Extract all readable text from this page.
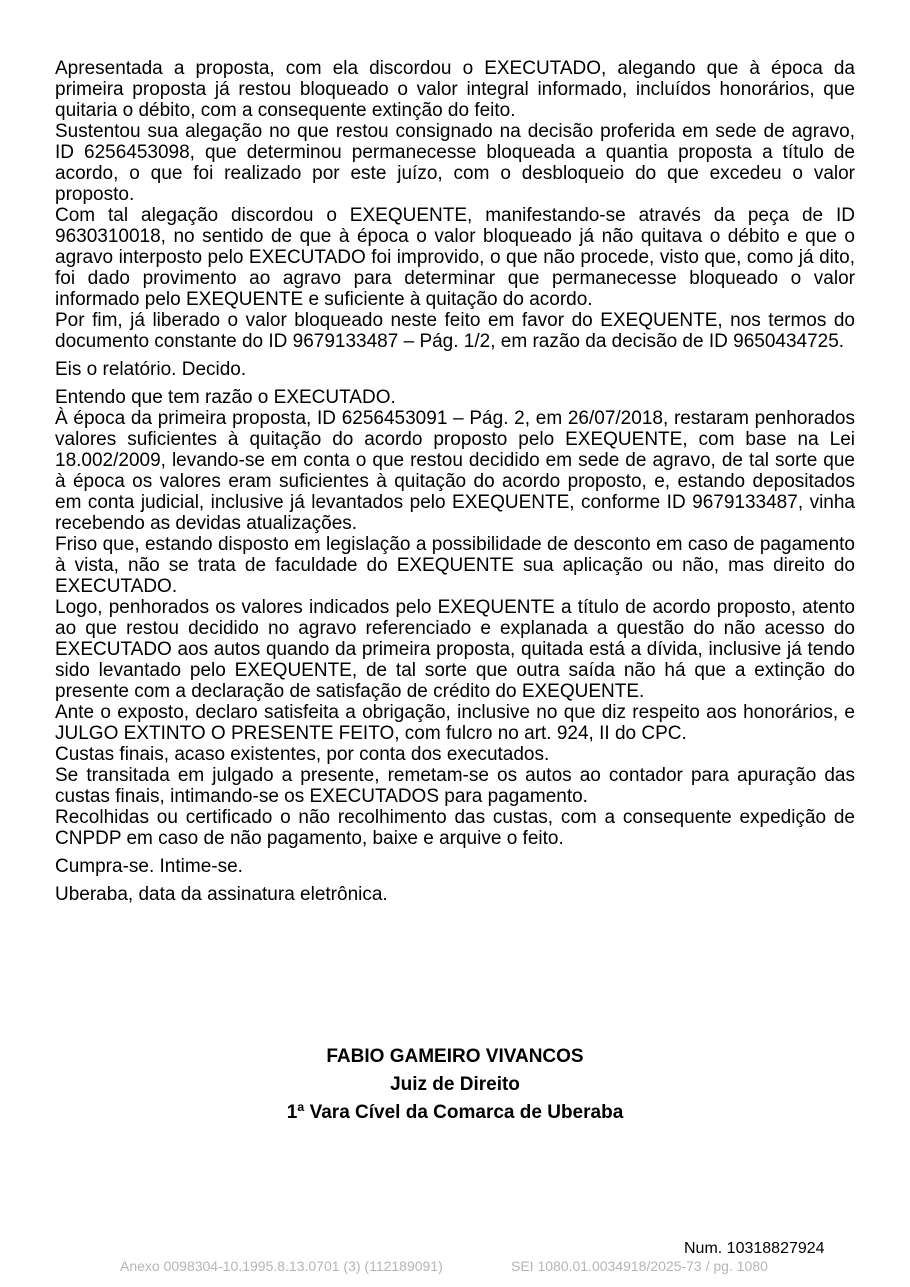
Apresentada a proposta, com ela discordou o EXECUTADO, alegando que à época da primeira proposta já restou bloqueado o valor integral informado, incluídos honorários, que quitaria o débito, com a consequente extinção do feito.

Sustentou sua alegação no que restou consignado na decisão proferida em sede de agravo, ID 6256453098, que determinou permanecesse bloqueada a quantia proposta a título de acordo, o que foi realizado por este juízo, com o desbloqueio do que excedeu o valor proposto.

Com tal alegação discordou o EXEQUENTE, manifestando-se através da peça de ID 9630310018, no sentido de que à época o valor bloqueado já não quitava o débito e que o agravo interposto pelo EXECUTADO foi improvido, o que não procede, visto que, como já dito, foi dado provimento ao agravo para determinar que permanecesse bloqueado o valor informado pelo EXEQUENTE e suficiente à quitação do acordo.

Por fim, já liberado o valor bloqueado neste feito em favor do EXEQUENTE, nos termos do documento constante do ID 9679133487 – Pág. 1/2, em razão da decisão de ID 9650434725.

Eis o relatório. Decido.

Entendo que tem razão o EXECUTADO.

À época da primeira proposta, ID 6256453091 – Pág. 2, em 26/07/2018, restaram penhorados valores suficientes à quitação do acordo proposto pelo EXEQUENTE, com base na Lei 18.002/2009, levando-se em conta o que restou decidido em sede de agravo, de tal sorte que à época os valores eram suficientes à quitação do acordo proposto, e, estando depositados em conta judicial, inclusive já levantados pelo EXEQUENTE, conforme ID 9679133487, vinha recebendo as devidas atualizações.

Friso que, estando disposto em legislação a possibilidade de desconto em caso de pagamento à vista, não se trata de faculdade do EXEQUENTE sua aplicação ou não, mas direito do EXECUTADO.

Logo, penhorados os valores indicados pelo EXEQUENTE a título de acordo proposto, atento ao que restou decidido no agravo referenciado e explanada a questão do não acesso do EXECUTADO aos autos quando da primeira proposta, quitada está a dívida, inclusive já tendo sido levantado pelo EXEQUENTE, de tal sorte que outra saída não há que a extinção do presente com a declaração de satisfação de crédito do EXEQUENTE.

Ante o exposto, declaro satisfeita a obrigação, inclusive no que diz respeito aos honorários, e JULGO EXTINTO O PRESENTE FEITO, com fulcro no art. 924, II do CPC.

Custas finais, acaso existentes, por conta dos executados.

Se transitada em julgado a presente, remetam-se os autos ao contador para apuração das custas finais, intimando-se os EXECUTADOS para pagamento.

Recolhidas ou certificado o não recolhimento das custas, com a consequente expedição de CNPDP em caso de não pagamento, baixe e arquive o feito.

Cumpra-se. Intime-se.

Uberaba, data da assinatura eletrônica.

FABIO GAMEIRO VIVANCOS
Juiz de Direito
1ª Vara Cível da Comarca de Uberaba
Num. 10318827924
Anexo 0098304-10.1995.8.13.0701 (3) (112189091)	SEI 1080.01.0034918/2025-73 / pg. 1080
